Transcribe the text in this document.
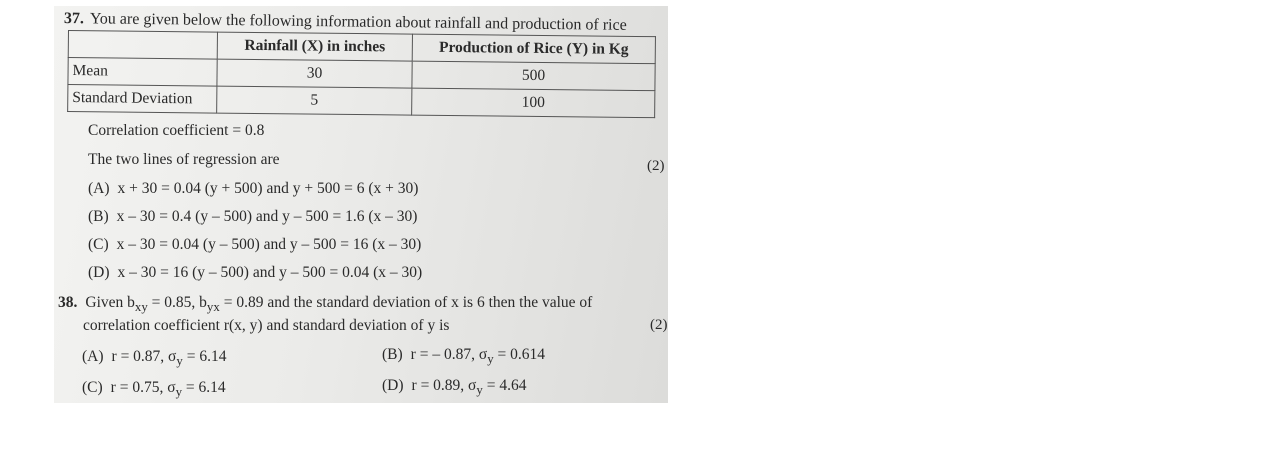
37. You are given below the following information about rainfall and production of rice
	Rainfall (X) in inches	Production of Rice (Y) in Kg
Mean	30	500
Standard Deviation	5	100
Correlation coefficient = 0.8
The two lines of regression are	(2)
(A) x + 30 = 0.04 (y + 500) and y + 500 = 6 (x + 30)
(B) x – 30 = 0.4 (y – 500) and y – 500 = 1.6 (x – 30)
(C) x – 30 = 0.04 (y – 500) and y – 500 = 16 (x – 30)
(D) x – 30 = 16 (y – 500) and y – 500 = 0.04 (x – 30)
38. Given $b_{xy} = 0.85$, $b_{yx} = 0.89$ and the standard deviation of x is 6 then the value of
correlation coefficient r(x, y) and standard deviation of y is	(2)
(A) r = 0.87, $\sigma_y = 6.14$	(B) r = – 0.87, $\sigma_y = 0.614$
(C) r = 0.75, $\sigma_y = 6.14$	(D) r = 0.89, $\sigma_y = 4.64$
